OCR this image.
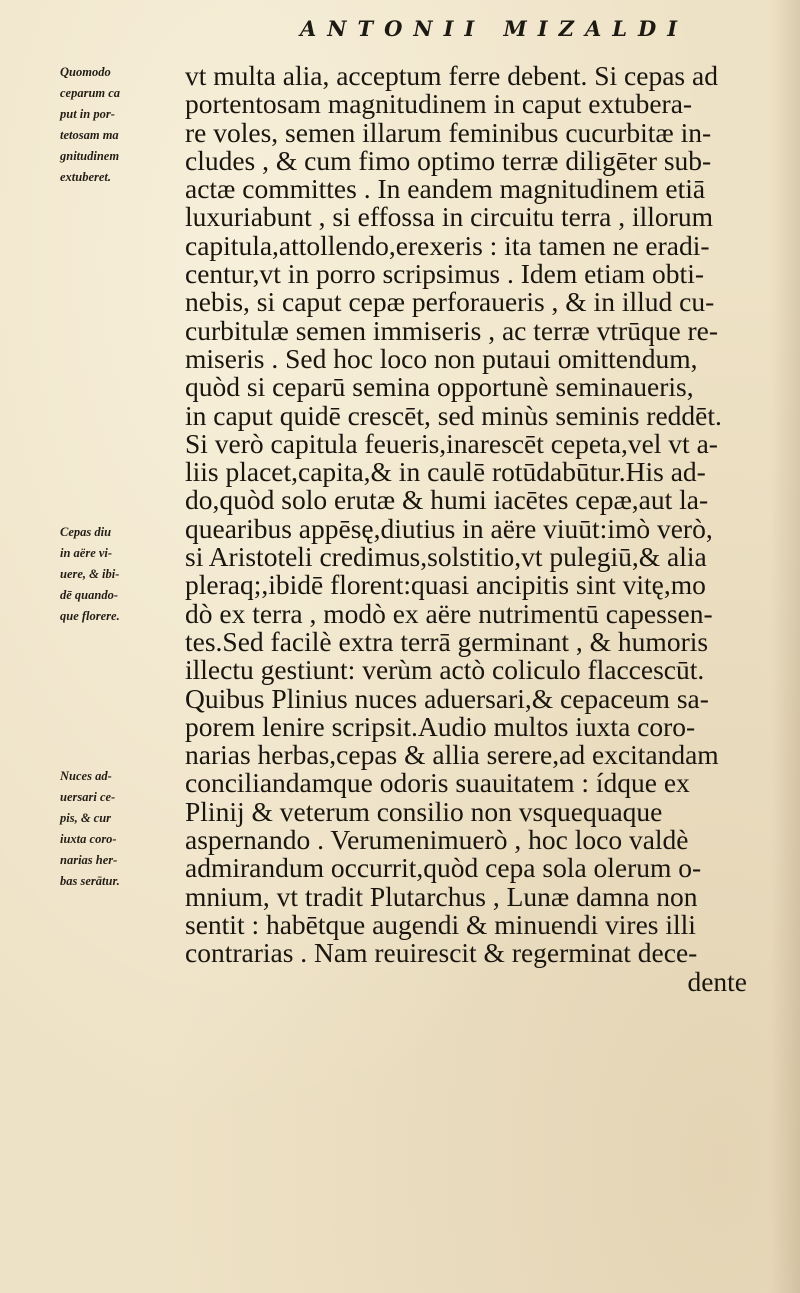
ANTONII MIZALDI
Quomodo
ceparum ca
put in por-
tetosam ma
gnitudinem
extuberet.
Cepas diu
in aëre vi-
uere, & ibi-
dē quando-
que florere.
Nuces ad-
uersari ce-
pis, & cur
iuxta coro-
narias her-
bas serātur.
vt multa alia, acceptum ferre debent. Si cepas ad
portentosam magnitudinem in caput extubera-
re voles, semen illarum feminibus cucurbitæ in-
cludes , & cum fimo optimo terræ diligēter sub-
actæ committes . In eandem magnitudinem etiā
luxuriabunt , si effossa in circuitu terra , illorum
capitula,attollendo,erexeris : ita tamen ne eradi-
centur,vt in porro scripsimus . Idem etiam obti-
nebis, si caput cepæ perforaueris , & in illud cu-
curbitulæ semen immiseris , ac terræ vtrūque re-
miseris . Sed hoc loco non putaui omittendum,
quòd si ceparū semina opportunè seminaueris,
in caput quidē crescēt, sed minùs seminis reddēt.
Si verò capitula feueris,inarescēt cepeta,vel vt a-
liis placet,capita,& in caulē rotūdabūtur.His ad-
do,quòd solo erutæ & humi iacētes cepæ,aut la-
quearibus appēsę,diutius in aëre viuūt:imò verò,
si Aristoteli credimus,solstitio,vt pulegiū,& alia
pleraq;,ibidē florent:quasi ancipitis sint vitę,mo
dò ex terra , modò ex aëre nutrimentū capessen-
tes.Sed facilè extra terrā germinant , & humoris
illectu gestiunt: verùm actò coliculo flaccescūt.
Quibus Plinius nuces aduersari,& cepaceum sa-
porem lenire scripsit.Audio multos iuxta coro-
narias herbas,cepas & allia serere,ad excitandam
conciliandamque odoris suauitatem : ídque ex
Plinij & veterum consilio non vsquequaque
aspernando . Verumenimuerò , hoc loco valdè
admirandum occurrit,quòd cepa sola olerum o-
mnium, vt tradit Plutarchus , Lunæ damna non
sentit : habētque augendi & minuendi vires illi
contrarias . Nam reuirescit & regerminat dece-
dente
